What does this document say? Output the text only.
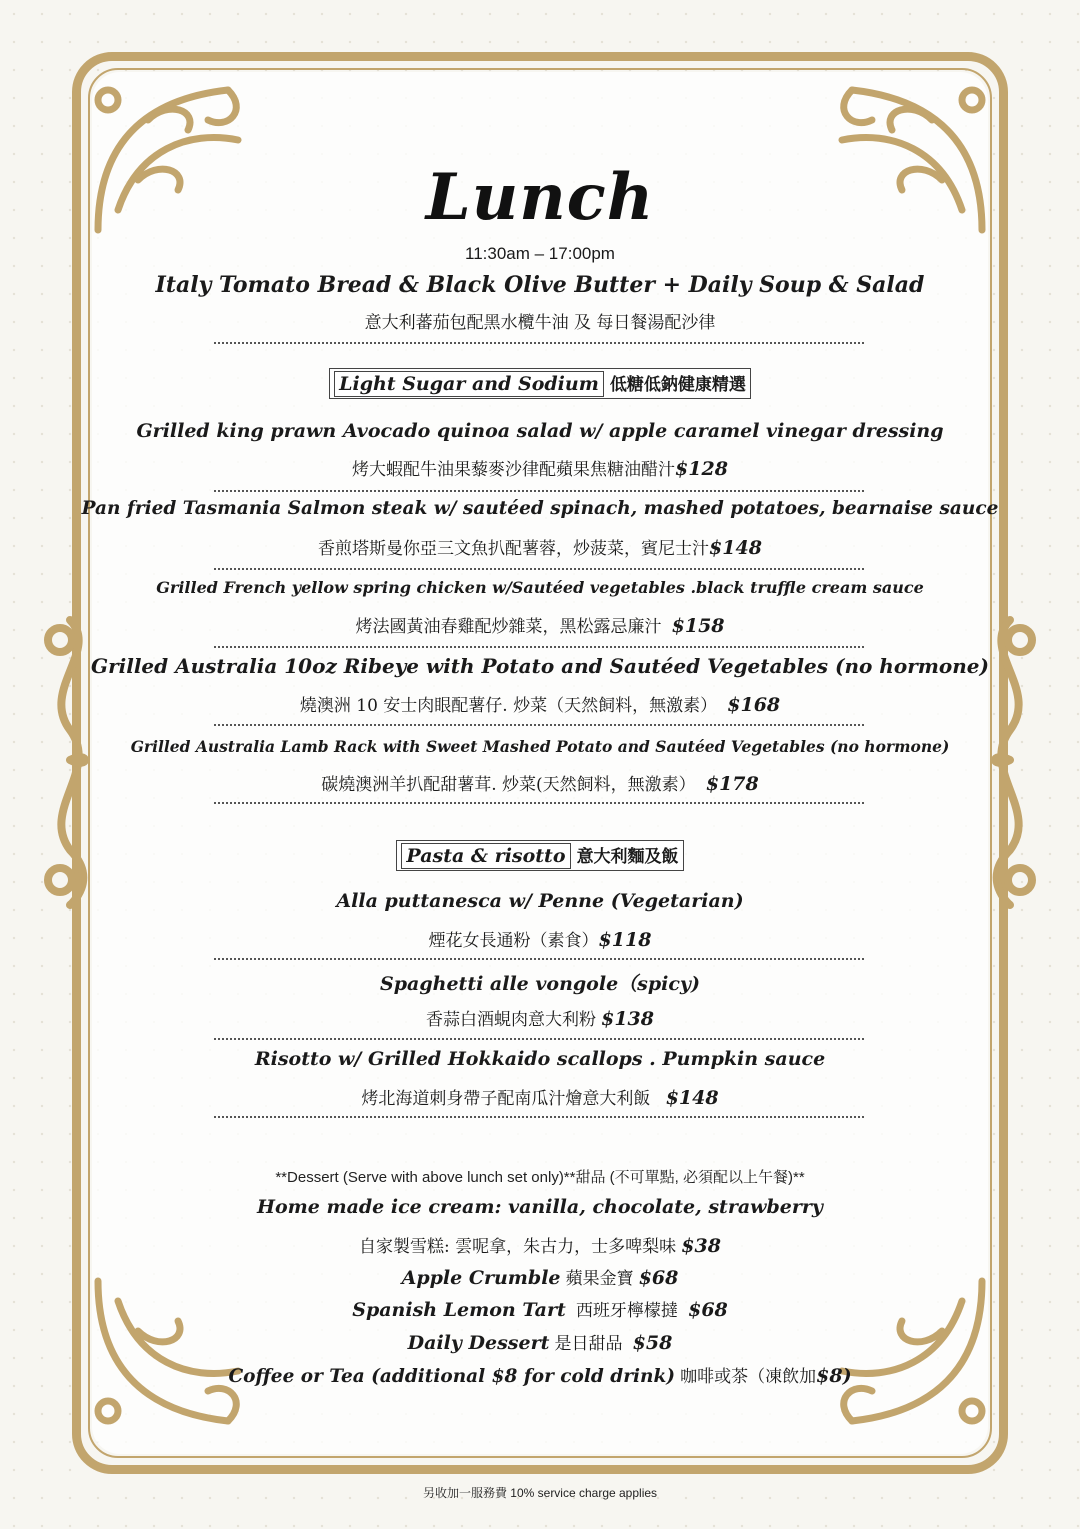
Lunch
11:30am – 17:00pm
Italy Tomato Bread & Black Olive Butter + Daily Soup & Salad
意大利蕃茄包配黑水欖牛油 及 每日餐湯配沙律
Light Sugar and Sodium 低糖低鈉健康精選
Grilled king prawn Avocado quinoa salad w/ apple caramel vinegar dressing
烤大蝦配牛油果藜麥沙律配蘋果焦糖油醋汁$128
Pan fried Tasmania Salmon steak w/ sautéed spinach, mashed potatoes, bearnaise sauce
香煎塔斯曼你亞三文魚扒配薯蓉，炒菠菜，賓尼士汁$148
Grilled French yellow spring chicken w/Sautéed vegetables .black truffle cream sauce
烤法國黃油春雞配炒雜菜，黑松露忌廉汁 $158
Grilled Australia 10oz Ribeye with Potato and Sautéed Vegetables (no hormone)
燒澳洲 10 安士肉眼配薯仔. 炒菜（天然飼料，無激素） $168
Grilled Australia Lamb Rack with Sweet Mashed Potato and Sautéed Vegetables (no hormone)
碳燒澳洲羊扒配甜薯茸. 炒菜(天然飼料，無激素） $178
Pasta & risotto 意大利麵及飯
Alla puttanesca w/ Penne (Vegetarian)
煙花女長通粉（素食）$118
Spaghetti alle vongole（spicy)
香蒜白酒蜆肉意大利粉 $138
Risotto w/ Grilled Hokkaido scallops . Pumpkin sauce
烤北海道刺身帶子配南瓜汁燴意大利飯 $148
**Dessert (Serve with above lunch set only)**甜品 (不可單點, 必須配以上午餐)**
Home made ice cream: vanilla, chocolate, strawberry
自家製雪糕: 雲呢拿，朱古力，士多啤梨味 $38
Apple Crumble 蘋果金寶 $68
Spanish Lemon Tart 西班牙檸檬撻 $68
Daily Dessert 是日甜品 $58
Coffee or Tea (additional $8 for cold drink) 咖啡或茶（凍飲加$8)
另收加一服務費 10% service charge applies
